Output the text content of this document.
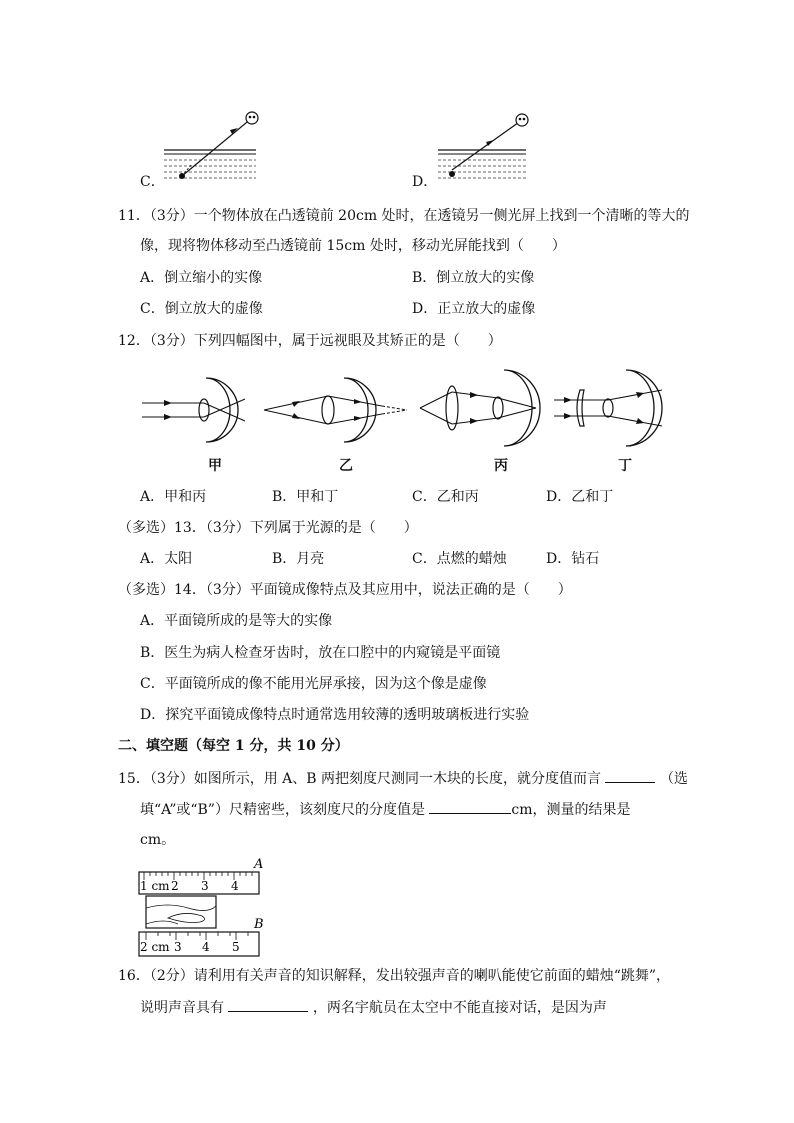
C．	D．
11．（3分）一个物体放在凸透镜前 20cm 处时，在透镜另一侧光屏上找到一个清晰的等大的
像，现将物体移动至凸透镜前 15cm 处时，移动光屏能找到（　　）
A．倒立缩小的实像	B．倒立放大的实像
C．倒立放大的虚像	D．正立放大的虚像
12．（3分）下列四幅图中，属于远视眼及其矫正的是（　　）
甲	乙	丙	丁
A．甲和丙	B．甲和丁	C．乙和丙	D．乙和丁
（多选）13．（3分）下列属于光源的是（　　）
A．太阳	B．月亮	C．点燃的蜡烛	D．钻石
（多选）14．（3分）平面镜成像特点及其应用中，说法正确的是（　　）
A．平面镜所成的是等大的实像
B．医生为病人检查牙齿时，放在口腔中的内窥镜是平面镜
C．平面镜所成的像不能用光屏承接，因为这个像是虚像
D．探究平面镜成像特点时通常选用较薄的透明玻璃板进行实验
二、填空题（每空 1 分，共 10 分）
15．（3分）如图所示，用 A、B 两把刻度尺测同一木块的长度，就分度值而言	（选
填“A”或“B”）尺精密些，该刻度尺的分度值是	cm，测量的结果是
cm。
A
1 cm 2 3 4
B
2 cm 3 4 5
16．（2分）请利用有关声音的知识解释，发出较强声音的喇叭能使它前面的蜡烛“跳舞”，
说明声音具有	，两名宇航员在太空中不能直接对话，是因为声
